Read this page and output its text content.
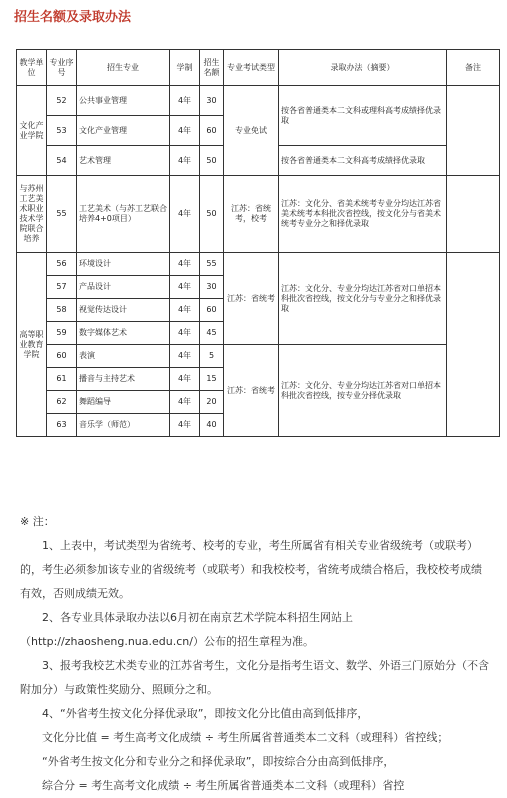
招生名额及录取办法
教学单位	专业序号	招生专业	学制	招生名额	专业考试类型	录取办法（摘要）	备注
文化产业学院	52	公共事业管理	4年	30	专业免试	按各省普通类本二文科或理科高考成绩择优录取	
	53	文化产业管理	4年	60			
	54	艺术管理	4年	50		按各省普通类本二文科高考成绩择优录取	
与苏州工艺美术职业技术学院联合培养	55	工艺美术（与苏工艺联合培养4+0项目）	4年	50	江苏：省统考，校考	江苏：文化分、省美术统考专业分均达江苏省美术统考本科批次省控线，按文化分与省美术统考专业分之和择优录取	
高等职业教育学院	56	环境设计	4年	55	江苏：省统考	江苏：文化分、专业分均达江苏省对口单招本科批次省控线，按文化分与专业分之和择优录取	
	57	产品设计	4年	30			
	58	视觉传达设计	4年	60			
	59	数字媒体艺术	4年	45			
	60	表演	4年	5	江苏：省统考	江苏：文化分、专业分均达江苏省对口单招本科批次省控线，按专业分择优录取	
	61	播音与主持艺术	4年	15			
	62	舞蹈编导	4年	20			
	63	音乐学（师范）	4年	40			

※ 注：

1、上表中，考试类型为省统考、校考的专业，考生所属省有相关专业省级统考（或联考）的，考生必须参加该专业的省级统考（或联考）和我校校考，省统考成绩合格后，我校校考成绩有效，否则成绩无效。

2、各专业具体录取办法以6月初在南京艺术学院本科招生网站上（http://zhaosheng.nua.edu.cn/）公布的招生章程为准。

3、报考我校艺术类专业的江苏省考生，文化分是指考生语文、数学、外语三门原始分（不含附加分）与政策性奖励分、照顾分之和。

4、“外省考生按文化分择优录取”，即按文化分比值由高到低排序，

文化分比值 = 考生高考文化成绩 ÷ 考生所属省普通类本二文科（或理科）省控线；

“外省考生按文化分和专业分之和择优录取”，即按综合分由高到低排序，

综合分 = 考生高考文化成绩 ÷ 考生所属省普通类本二文科（或理科）省控
